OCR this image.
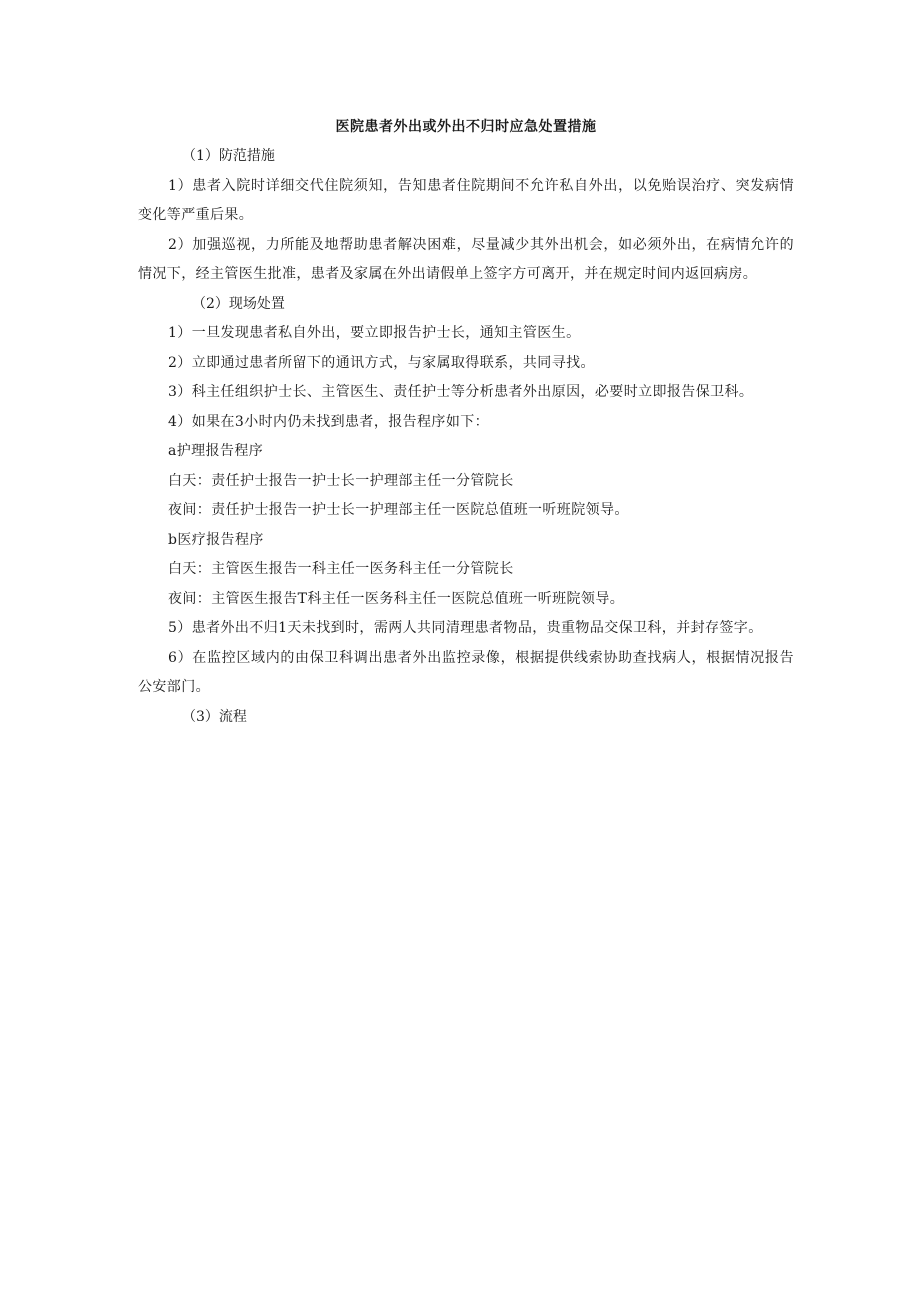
医院患者外出或外出不归时应急处置措施

（1）防范措施

1）患者入院时详细交代住院须知，告知患者住院期间不允许私自外出，以免贻误治疗、突发病情变化等严重后果。

2）加强巡视，力所能及地帮助患者解决困难，尽量减少其外出机会，如必须外出，在病情允许的情况下，经主管医生批准，患者及家属在外出请假单上签字方可离开，并在规定时间内返回病房。

（2）现场处置

1）一旦发现患者私自外出，要立即报告护士长，通知主管医生。

2）立即通过患者所留下的通讯方式，与家属取得联系，共同寻找。

3）科主任组织护士长、主管医生、责任护士等分析患者外出原因，必要时立即报告保卫科。

4）如果在3小时内仍未找到患者，报告程序如下：

a护理报告程序

白天：责任护士报告一护士长一护理部主任一分管院长

夜间：责任护士报告一护士长一护理部主任一医院总值班一听班院领导。

b医疗报告程序

白天：主管医生报告一科主任一医务科主任一分管院长

夜间：主管医生报告T科主任一医务科主任一医院总值班一听班院领导。

5）患者外出不归1天未找到时，需两人共同清理患者物品，贵重物品交保卫科，并封存签字。

6）在监控区域内的由保卫科调出患者外出监控录像，根据提供线索协助查找病人，根据情况报告公安部门。

（3）流程
